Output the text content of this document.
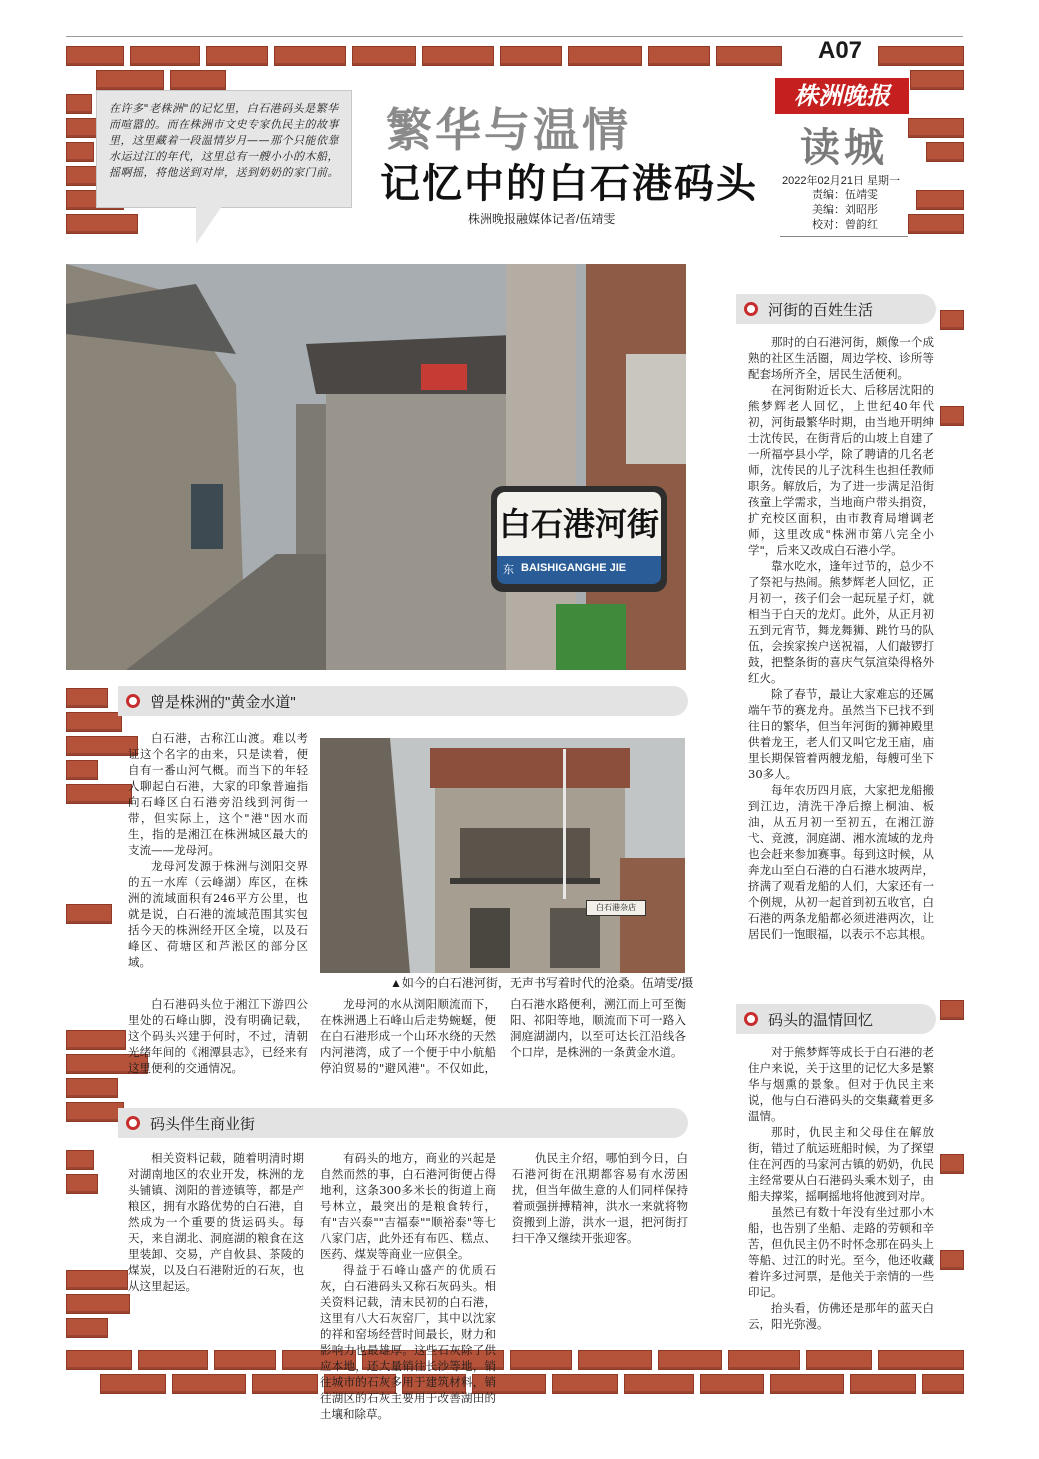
A07
株洲晚报
读城
2022年02月21日 星期一
责编：伍靖雯
美编：刘昭彤
校对：曾韵红
在许多"老株洲"的记忆里，白石港码头是繁华而喧嚣的。而在株洲市文史专家仇民主的故事里，这里藏着一段温情岁月——那个只能依靠水运过江的年代，这里总有一艘小小的木船，摇啊摇，将他送到对岸，送到奶奶的家门前。
繁华与温情
记忆中的白石港码头
株洲晚报融媒体记者/伍靖雯
白石港河街
东 BAISHIGANGHE JIE
白石港杂店
▲如今的白石港河街，无声书写着时代的沧桑。伍靖雯/摄
曾是株洲的"黄金水道"

白石港，古称江山渡。难以考证这个名字的由来，只是读着，便自有一番山河气概。而当下的年轻人聊起白石港，大家的印象普遍指向石峰区白石港旁沿线到河街一带，但实际上，这个"港"因水而生，指的是湘江在株洲城区最大的支流——龙母河。

龙母河发源于株洲与浏阳交界的五一水库（云峰湖）库区，在株洲的流域面积有246平方公里，也就是说，白石港的流域范围其实包括今天的株洲经开区全境，以及石峰区、荷塘区和芦淞区的部分区域。

白石港码头位于湘江下游四公里处的石峰山脚，没有明确记载，这个码头兴建于何时，不过，清朝光绪年间的《湘潭县志》，已经来有这里便利的交通情况。

龙母河的水从浏阳顺流而下，在株洲遇上石峰山后走势蜿蜒，便在白石港形成一个山环水绕的天然内河港湾，成了一个便于中小航船停泊贸易的"避风港"。不仅如此，白石港水路便利，溯江而上可至衡阳、祁阳等地，顺流而下可一路入洞庭湖湖内，以至可达长江沿线各个口岸，是株洲的一条黄金水道。

码头伴生商业街

相关资料记载，随着明清时期对湖南地区的农业开发，株洲的龙头铺镇、浏阳的普迹镇等，都是产粮区，拥有水路优势的白石港，自然成为一个重要的货运码头。每天，来自湖北、洞庭湖的粮食在这里装卸、交易，产自攸县、茶陵的煤炭，以及白石港附近的石灰，也从这里起运。

有码头的地方，商业的兴起是自然而然的事，白石港河街便占得地利，这条300多米长的街道上商号林立，最突出的是粮食转行，有"吉兴泰""吉福泰""顺裕泰"等七八家门店，此外还有布匹、糕点、医药、煤炭等商业一应俱全。

得益于石峰山盛产的优质石灰，白石港码头又称石灰码头。相关资料记载，清末民初的白石港，这里有八大石灰窑厂，其中以沈家的祥和窑场经营时间最长，财力和影响力也最雄厚。这些石灰除了供应本地，还大量销往长沙等地，销往城市的石灰多用于建筑材料，销往湖区的石灰主要用于改善湖田的土壤和除草。

仇民主介绍，哪怕到今日，白石港河街在汛期都容易有水涝困扰，但当年做生意的人们同样保持着顽强拼搏精神，洪水一来就将物资搬到上游，洪水一退，把河街打扫干净又继续开张迎客。

河街的百姓生活

那时的白石港河街，颇像一个成熟的社区生活圈，周边学校、诊所等配套场所齐全，居民生活便利。

在河街附近长大、后移居沈阳的熊梦辉老人回忆，上世纪40年代初，河街最繁华时期，由当地开明绅士沈传民，在街背后的山坡上自建了一所福亭县小学，除了聘请的几名老师，沈传民的儿子沈科生也担任教师职务。解放后，为了进一步满足沿街孩童上学需求，当地商户带头捐资，扩充校区面积，由市教育局增调老师，这里改成"株洲市第八完全小学"，后来又改成白石港小学。

靠水吃水，逢年过节的，总少不了祭祀与热闹。熊梦辉老人回忆，正月初一，孩子们会一起玩星子灯，就相当于白天的龙灯。此外，从正月初五到元宵节，舞龙舞狮、跳竹马的队伍，会挨家挨户送祝福，人们敲锣打鼓，把整条街的喜庆气氛渲染得格外红火。

除了春节，最让大家难忘的还属端午节的赛龙舟。虽然当下已找不到往日的繁华，但当年河街的狮神殿里供着龙王，老人们又叫它龙王庙，庙里长期保管着两艘龙船，每艘可坐下30多人。

每年农历四月底，大家把龙船搬到江边，清洗干净后擦上桐油、板油，从五月初一至初五，在湘江游弋、竞渡，洞庭湖、湘水流域的龙舟也会赶来参加赛事。每到这时候，从奔龙山至白石港的白石港水坡两岸，挤满了观看龙船的人们，大家还有一个例规，从初一起首到初五收官，白石港的两条龙船都必须进港两次，让居民们一饱眼福，以表示不忘其根。

码头的温情回忆

对于熊梦辉等成长于白石港的老住户来说，关于这里的记忆大多是繁华与烟熏的景象。但对于仇民主来说，他与白石港码头的交集藏着更多温情。

那时，仇民主和父母住在解放街，错过了航运班船时候，为了探望住在河西的马家河古镇的奶奶，仇民主经常要从白石港码头乘木划子，由船夫撑桨，摇啊摇地将他渡到对岸。

虽然已有数十年没有坐过那小木船，也告别了坐船、走路的劳顿和辛苦，但仇民主仍不时怀念那在码头上等船、过江的时光。至今，他还收藏着许多过河票，是他关于亲情的一些印记。

抬头看，仿佛还是那年的蓝天白云，阳光弥漫。
